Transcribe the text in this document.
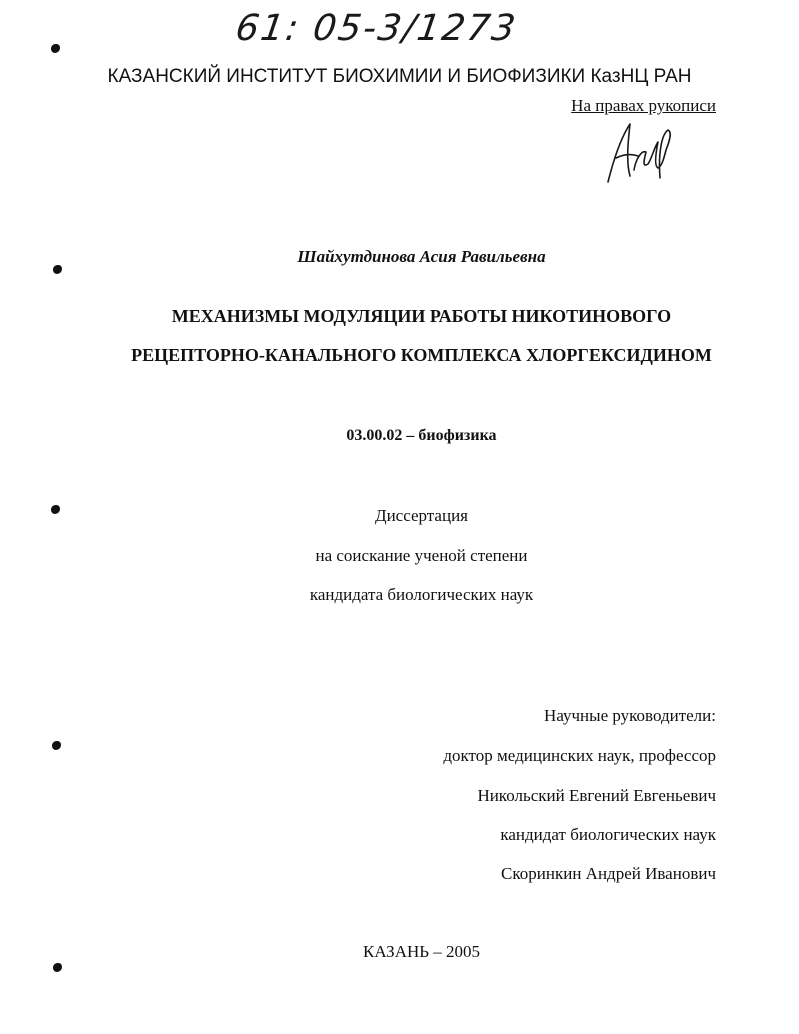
61: 05-3/1273
КАЗАНСКИЙ ИНСТИТУТ БИОХИМИИ И БИОФИЗИКИ КазНЦ РАН
На правах рукописи
Шайхутдинова Асия Равильевна
МЕХАНИЗМЫ МОДУЛЯЦИИ РАБОТЫ НИКОТИНОВОГО
РЕЦЕПТОРНО-КАНАЛЬНОГО КОМПЛЕКСА ХЛОРГЕКСИДИНОМ
03.00.02 – биофизика
Диссертация
на соискание ученой степени
кандидата биологических наук
Научные руководители:
доктор медицинских наук, профессор
Никольский Евгений Евгеньевич
кандидат биологических наук
Скоринкин Андрей Иванович
КАЗАНЬ – 2005
